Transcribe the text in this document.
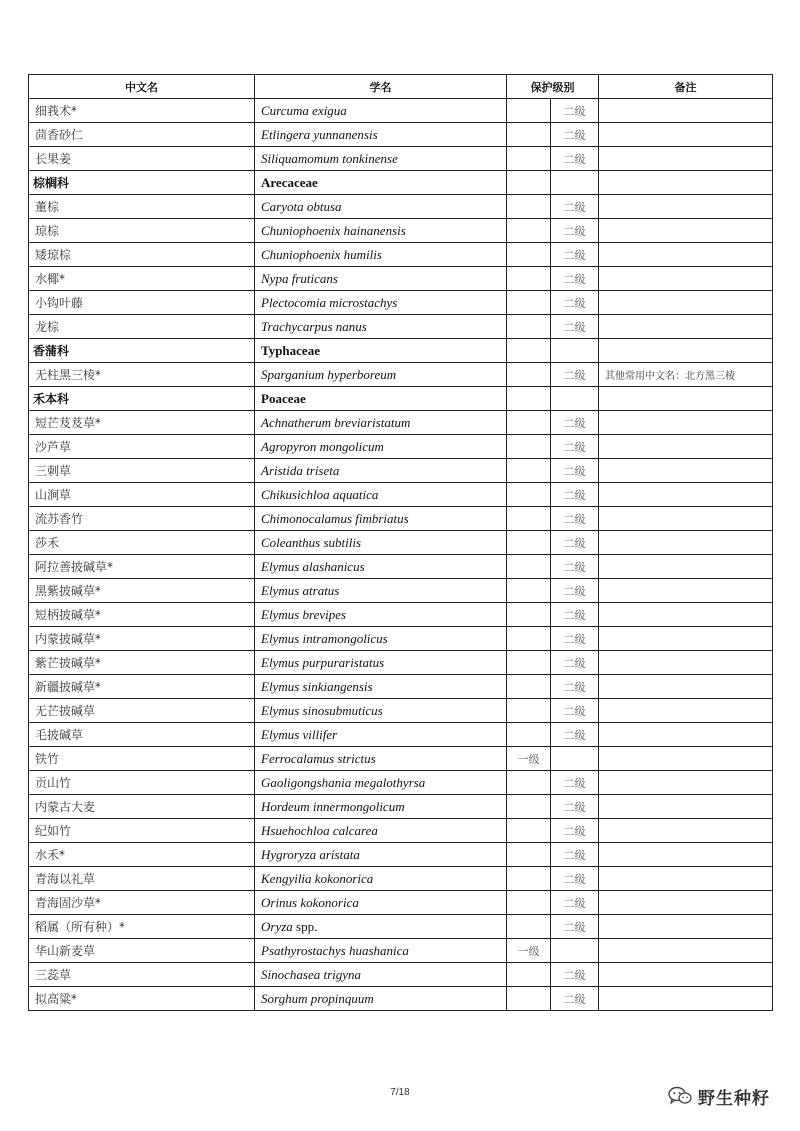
中文名	学名	保护级别		备注
细莪术*	Curcuma exigua		二级	
茴香砂仁	Etlingera yunnanensis		二级	
长果姜	Siliquamomum tonkinense		二级	
棕榈科	Arecaceae			
董棕	Caryota obtusa		二级	
琼棕	Chuniophoenix hainanensis		二级	
矮琼棕	Chuniophoenix humilis		二级	
水椰*	Nypa fruticans		二级	
小钩叶藤	Plectocomia microstachys		二级	
龙棕	Trachycarpus nanus		二级	
香蒲科	Typhaceae			
无柱黑三棱*	Sparganium hyperboreum		二级	其他常用中文名：北方黑三棱
禾本科	Poaceae			
短芒芨芨草*	Achnatherum breviaristatum		二级	
沙芦草	Agropyron mongolicum		二级	
三刺草	Aristida triseta		二级	
山涧草	Chikusichloa aquatica		二级	
流苏香竹	Chimonocalamus fimbriatus		二级	
莎禾	Coleanthus subtilis		二级	
阿拉善披碱草*	Elymus alashanicus		二级	
黑紫披碱草*	Elymus atratus		二级	
短柄披碱草*	Elymus brevipes		二级	
内蒙披碱草*	Elymus intramongolicus		二级	
紫芒披碱草*	Elymus purpuraristatus		二级	
新疆披碱草*	Elymus sinkiangensis		二级	
无芒披碱草	Elymus sinosubmuticus		二级	
毛披碱草	Elymus villifer		二级	
铁竹	Ferrocalamus strictus	一级		
贡山竹	Gaoligongshania megalothyrsa		二级	
内蒙古大麦	Hordeum innermongolicum		二级	
纪如竹	Hsuehochloa calcarea		二级	
水禾*	Hygroryza aristata		二级	
青海以礼草	Kengyilia kokonorica		二级	
青海固沙草*	Orinus kokonorica		二级	
稻属（所有种）*	Oryza spp.		二级	
华山新麦草	Psathyrostachys huashanica	一级		
三蕊草	Sinochasea trigyna		二级	
拟高粱*	Sorghum propinquum		二级	
7/18	野生种籽
